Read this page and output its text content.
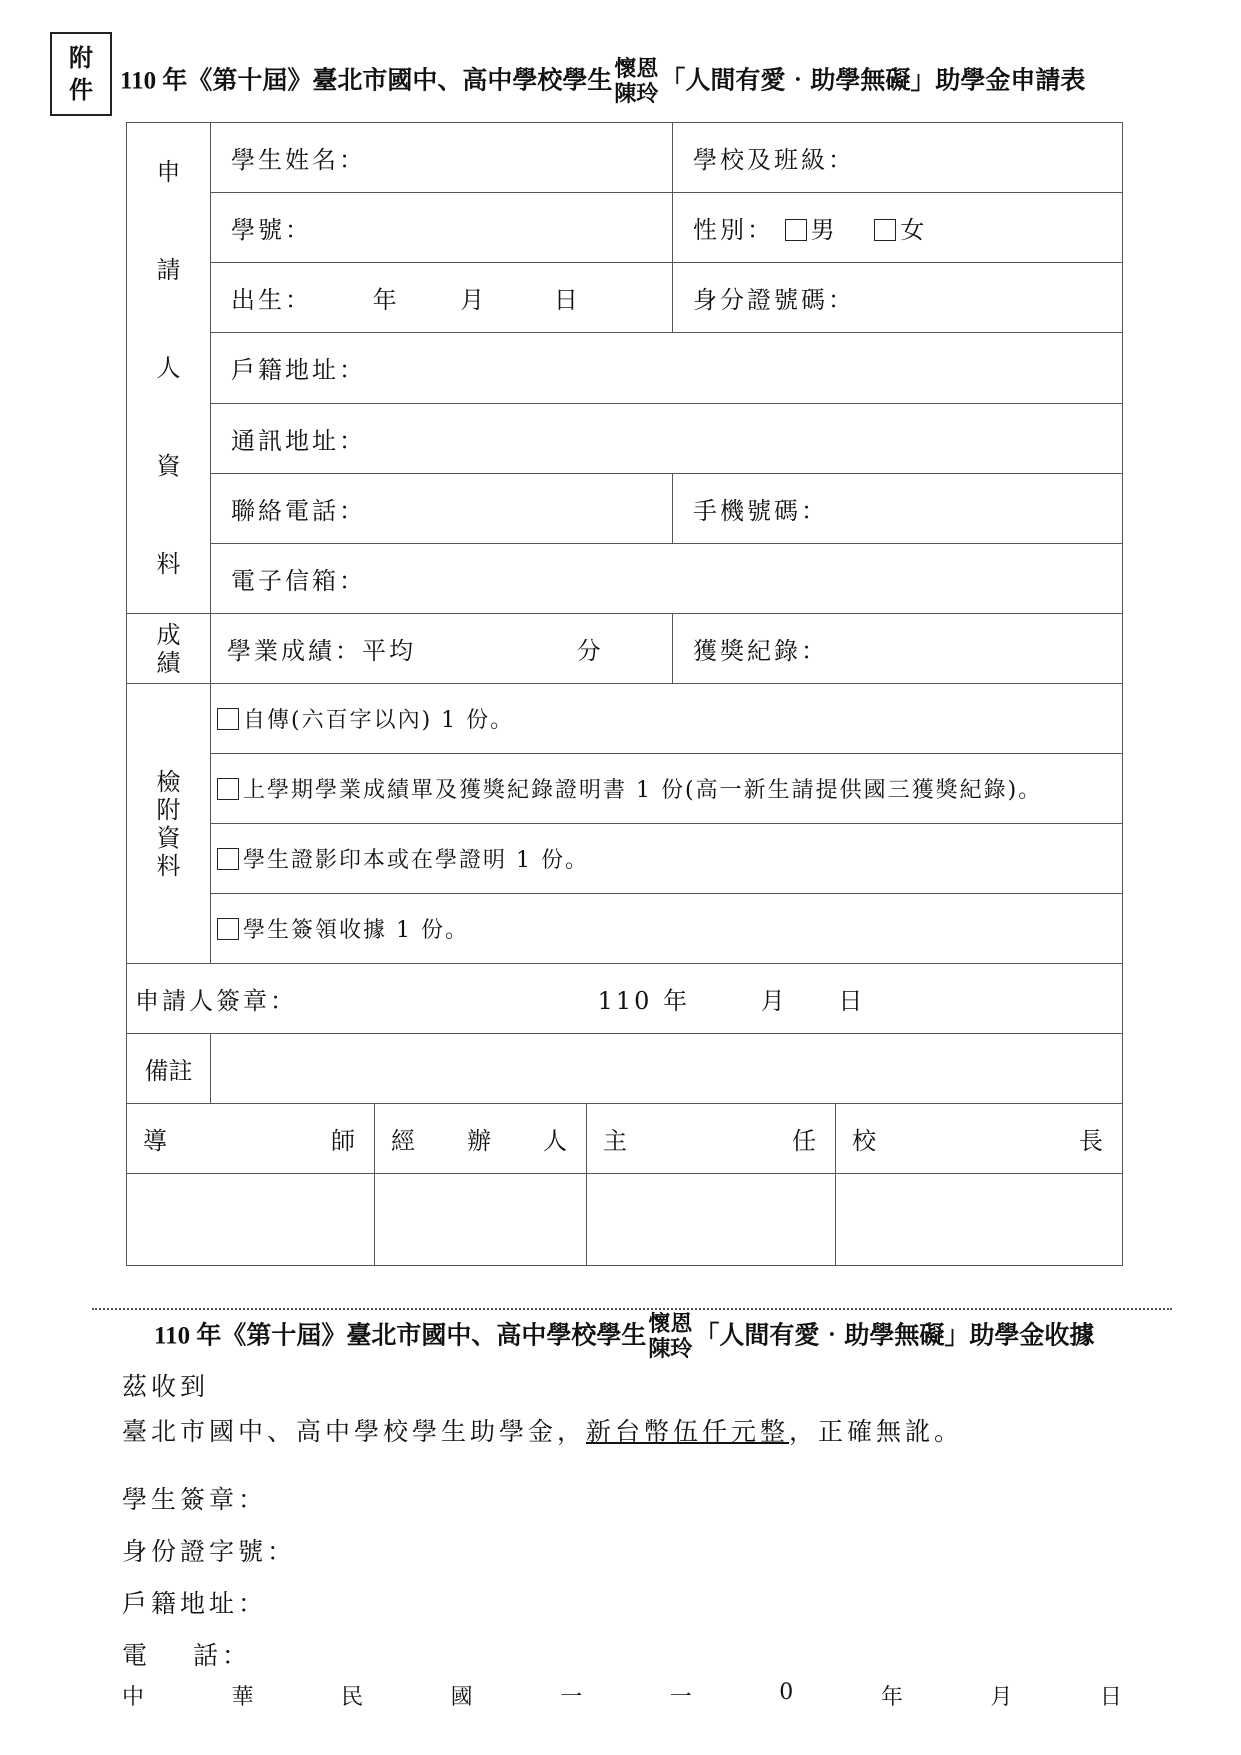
附
件	110 年《第十屆》臺北市國中、高中學校學生 懷恩
陳玲 「人間有愛‧助學無礙」助學金申請表
申
請
人
資
料	學生姓名：			學校及班級：	
	學號：			性別： 男 女	
	出生： 年 月 日			身分證號碼：	
	戶籍地址：				
	通訊地址：				
	聯絡電話：			手機號碼：	
	電子信箱：				

成
績	學業成績：平均 分			獲獎紀錄：	

檢
附
資
料	自傳(六百字以內) 1 份。				
	上學期學業成績單及獲獎紀錄證明書 1 份(高一新生請提供國三獲獎紀錄)。				
	學生證影印本或在學證明 1 份。				
	學生簽領收據 1 份。				
申請人簽章： 110 年 月 日					
備註					

導 師		經 辦 人	主 任		校 長

110 年《第十屆》臺北市國中、高中學校學生 懷恩
陳玲 「人間有愛‧助學無礙」助學金收據
茲收到
臺北市國中、高中學校學生助學金，新台幣伍仟元整，正確無訛。
學生簽章：
身份證字號：
戶籍地址：
電 話：
中	華	民	國	一	一	0	年	月	日
